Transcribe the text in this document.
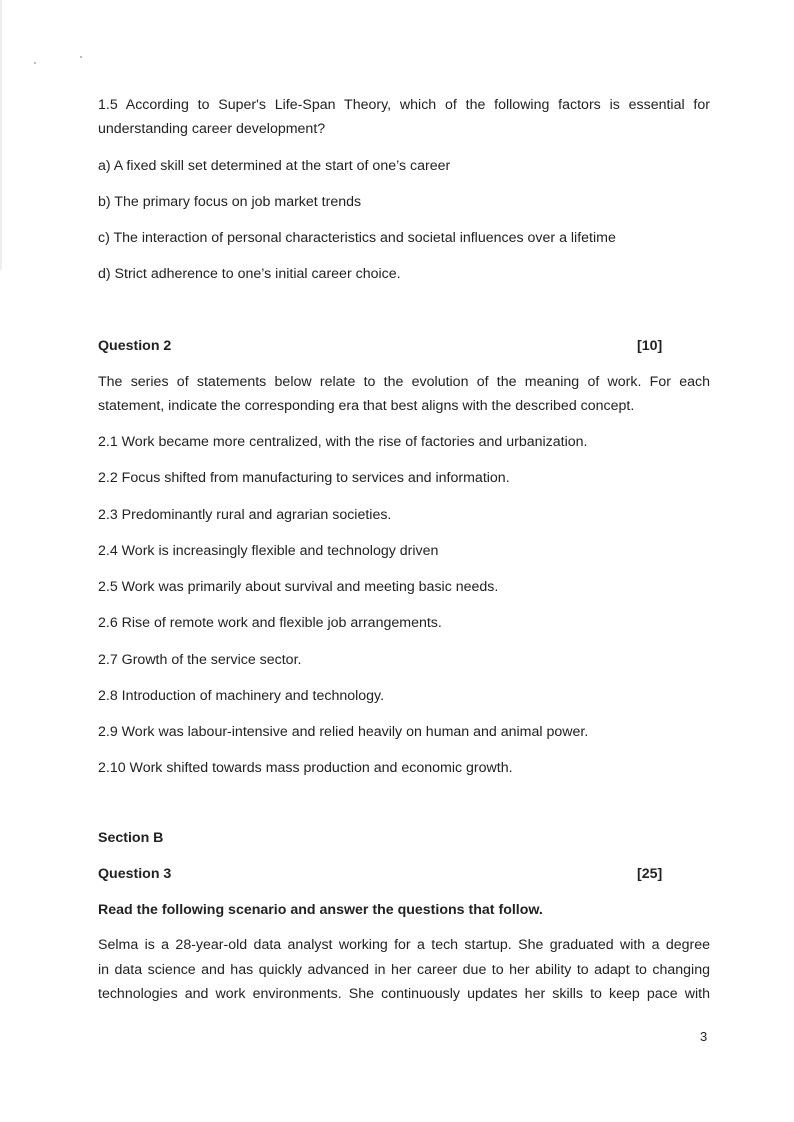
1.5 According to Super's Life-Span Theory, which of the following factors is essential for
understanding career development?
a) A fixed skill set determined at the start of one’s career
b) The primary focus on job market trends
c) The interaction of personal characteristics and societal influences over a lifetime
d) Strict adherence to one’s initial career choice.
Question 2	[10]
The series of statements below relate to the evolution of the meaning of work. For each
statement, indicate the corresponding era that best aligns with the described concept.
2.1 Work became more centralized, with the rise of factories and urbanization.
2.2 Focus shifted from manufacturing to services and information.
2.3 Predominantly rural and agrarian societies.
2.4 Work is increasingly flexible and technology driven
2.5 Work was primarily about survival and meeting basic needs.
2.6 Rise of remote work and flexible job arrangements.
2.7 Growth of the service sector.
2.8 Introduction of machinery and technology.
2.9 Work was labour-intensive and relied heavily on human and animal power.
2.10 Work shifted towards mass production and economic growth.
Section B
Question 3	[25]
Read the following scenario and answer the questions that follow.
Selma is a 28-year-old data analyst working for a tech startup. She graduated with a degree
in data science and has quickly advanced in her career due to her ability to adapt to changing
technologies and work environments. She continuously updates her skills to keep pace with
3
